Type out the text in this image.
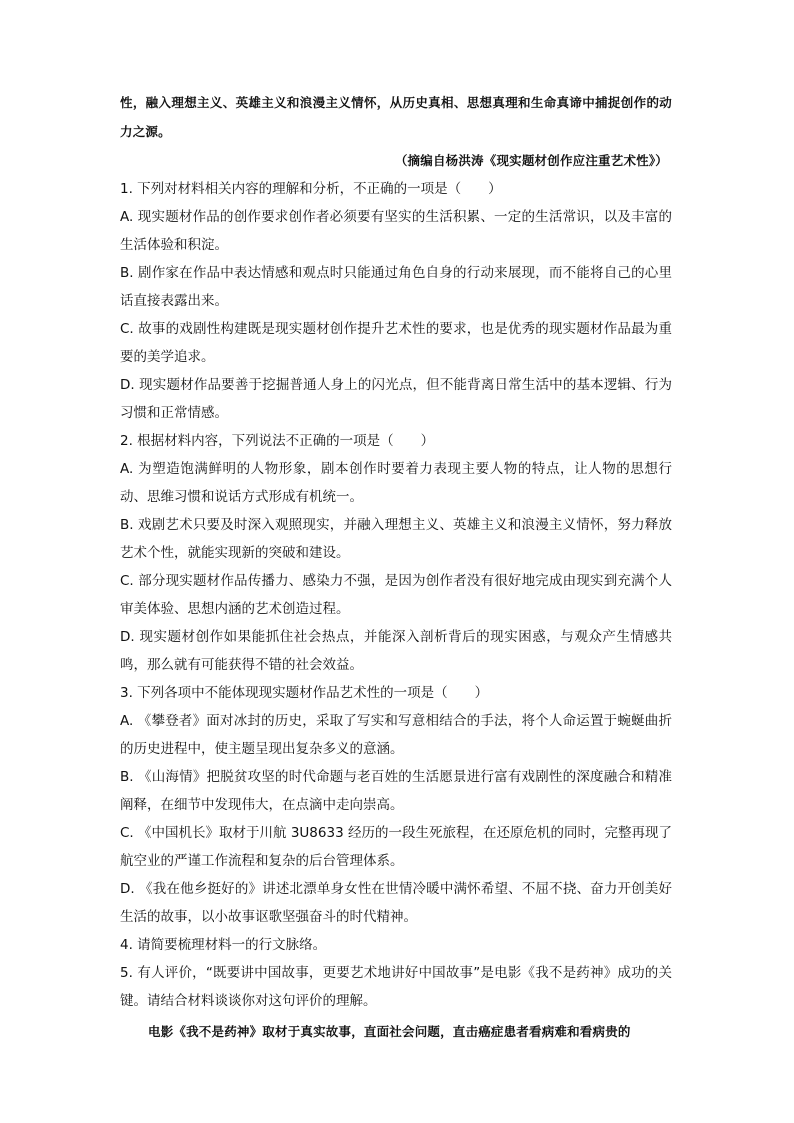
性，融入理想主义、英雄主义和浪漫主义情怀，从历史真相、思想真理和生命真谛中捕捉创作的动力之源。

（摘编自杨洪涛《现实题材创作应注重艺术性》）

1. 下列对材料相关内容的理解和分析，不正确的一项是（　　）

A. 现实题材作品的创作要求创作者必须要有坚实的生活积累、一定的生活常识，以及丰富的生活体验和积淀。

B. 剧作家在作品中表达情感和观点时只能通过角色自身的行动来展现，而不能将自己的心里话直接表露出来。

C. 故事的戏剧性构建既是现实题材创作提升艺术性的要求，也是优秀的现实题材作品最为重要的美学追求。

D. 现实题材作品要善于挖掘普通人身上的闪光点，但不能背离日常生活中的基本逻辑、行为习惯和正常情感。

2. 根据材料内容，下列说法不正确的一项是（　　）

A. 为塑造饱满鲜明的人物形象，剧本创作时要着力表现主要人物的特点，让人物的思想行动、思维习惯和说话方式形成有机统一。

B. 戏剧艺术只要及时深入观照现实，并融入理想主义、英雄主义和浪漫主义情怀，努力释放艺术个性，就能实现新的突破和建设。

C. 部分现实题材作品传播力、感染力不强，是因为创作者没有很好地完成由现实到充满个人审美体验、思想内涵的艺术创造过程。

D. 现实题材创作如果能抓住社会热点，并能深入剖析背后的现实困惑，与观众产生情感共鸣，那么就有可能获得不错的社会效益。

3. 下列各项中不能体现现实题材作品艺术性的一项是（　　）

A. 《攀登者》面对冰封的历史，采取了写实和写意相结合的手法，将个人命运置于蜿蜒曲折的历史进程中，使主题呈现出复杂多义的意涵。

B. 《山海情》把脱贫攻坚的时代命题与老百姓的生活愿景进行富有戏剧性的深度融合和精准阐释，在细节中发现伟大，在点滴中走向崇高。

C. 《中国机长》取材于川航 3U8633 经历的一段生死旅程，在还原危机的同时，完整再现了航空业的严谨工作流程和复杂的后台管理体系。

D. 《我在他乡挺好的》讲述北漂单身女性在世情冷暖中满怀希望、不屈不挠、奋力开创美好生活的故事，以小故事讴歌坚强奋斗的时代精神。

4. 请简要梳理材料一的行文脉络。

5. 有人评价，“既要讲中国故事，更要艺术地讲好中国故事”是电影《我不是药神》成功的关键。请结合材料谈谈你对这句评价的理解。

电影《我不是药神》取材于真实故事，直面社会问题，直击癌症患者看病难和看病贵的
